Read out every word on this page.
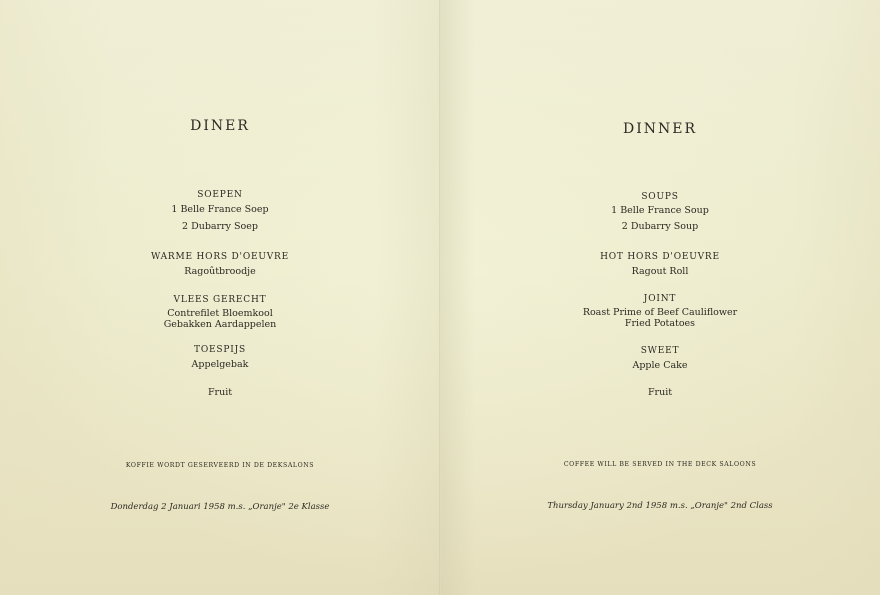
DINER
SOEPEN
1 Belle France Soep
2 Dubarry Soep
WARME HORS D'OEUVRE
Ragoûtbroodje
VLEES GERECHT
Contrefilet Bloemkool
Gebakken Aardappelen
TOESPIJS
Appelgebak
Fruit
KOFFIE WORDT GESERVEERD IN DE DEKSALONS
Donderdag 2 Januari 1958 m.s. „Oranje" 2e Klasse
DINNER
SOUPS
1 Belle France Soup
2 Dubarry Soup
HOT HORS D'OEUVRE
Ragout Roll
JOINT
Roast Prime of Beef Cauliflower
Fried Potatoes
SWEET
Apple Cake
Fruit
COFFEE WILL BE SERVED IN THE DECK SALOONS
Thursday January 2nd 1958 m.s. „Oranje" 2nd Class
